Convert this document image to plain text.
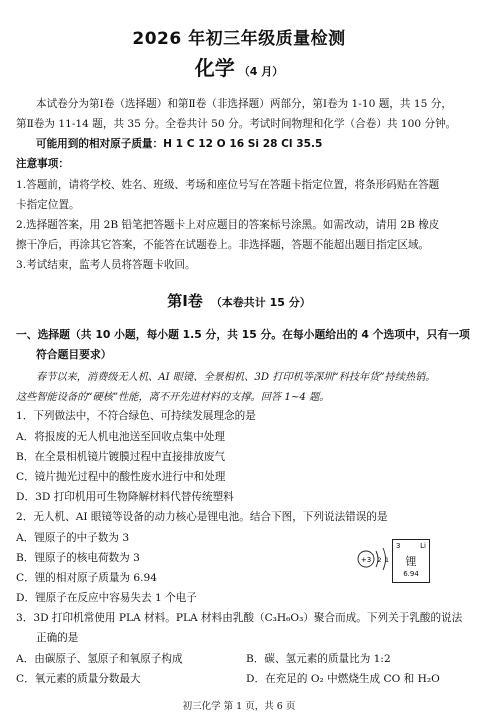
2026 年初三年级质量检测
化学 （4 月）
本试卷分为第Ⅰ卷（选择题）和第Ⅱ卷（非选择题）两部分，第Ⅰ卷为 1-10 题，共 15 分，
第Ⅱ卷为 11-14 题，共 35 分。全卷共计 50 分。考试时间物理和化学（合卷）共 100 分钟。
可能用到的相对原子质量：H 1 C 12 O 16 Si 28 Cl 35.5
注意事项：
1.答题前，请将学校、姓名、班级、考场和座位号写在答题卡指定位置，将条形码贴在答题
卡指定位置。
2.选择题答案，用 2B 铅笔把答题卡上对应题目的答案标号涂黑。如需改动，请用 2B 橡皮
擦干净后，再涂其它答案，不能答在试题卷上。非选择题，答题不能超出题目指定区域。
3.考试结束，监考人员将答题卡收回。
第Ⅰ卷 （本卷共计 15 分）
一、选择题（共 10 小题，每小题 1.5 分，共 15 分。在每小题给出的 4 个选项中，只有一项
符合题目要求）
春节以来，消费级无人机、AI 眼镜、全景相机、3D 打印机等深圳“科技年货”持续热销。
这些智能设备的“硬核”性能，离不开先进材料的支撑。回答 1~4 题。
1．下列做法中，不符合绿色、可持续发展理念的是
A．将报废的无人机电池送至回收点集中处理
B．在全景相机镜片镀膜过程中直接排放废气
C．镜片抛光过程中的酸性废水进行中和处理
D．3D 打印机用可生物降解材料代替传统塑料
2．无人机、AI 眼镜等设备的动力核心是锂电池。结合下图，下列说法错误的是
A．锂原子的中子数为 3
B．锂原子的核电荷数为 3
C．锂的相对原子质量为 6.94
D．锂原子在反应中容易失去 1 个电子
+3 2 1
3	Li
锂
6.94
3．3D 打印机常使用 PLA 材料。PLA 材料由乳酸（C₃H₆O₃）聚合而成。下列关于乳酸的说法
正确的是
A．由碳原子、氢原子和氧原子构成	B．碳、氢元素的质量比为 1:2
C．氧元素的质量分数最大	D．在充足的 O₂ 中燃烧生成 CO 和 H₂O
初三化学 第 1 页，共 6 页
